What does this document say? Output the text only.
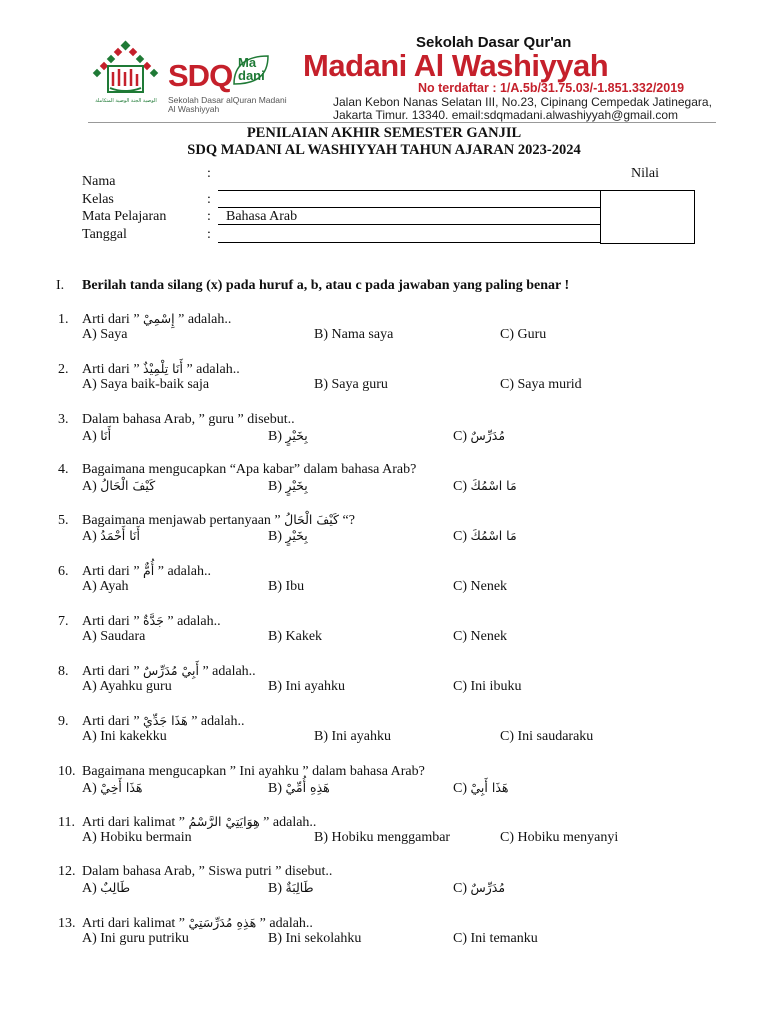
الوصية الجنة الوصية المتكاملة
SDQ Ma dani
Sekolah Dasar alQuran Madani
Al Washiyyah
Sekolah Dasar Qur'an
Madani Al Washiyyah
No terdaftar : 1/A.5b/31.75.03/-1.851.332/2019
Jalan Kebon Nanas Selatan III, No.23, Cipinang Cempedak Jatinegara,
Jakarta Timur. 13340. email:sdqmadani.alwashiyyah@gmail.com
PENILAIAN AKHIR SEMESTER GANJIL
SDQ MADANI AL WASHIYYAH TAHUN AJARAN 2023-2024
Nama
:
Kelas	:
Mata Pelajaran	: Bahasa Arab
Tanggal	:
Nilai
I. Berilah tanda silang (x) pada huruf a, b, atau c pada jawaban yang paling benar !
1. Arti dari ” إِسْمِيْ ” adalah..
A) Saya	B) Nama saya	C) Guru
2. Arti dari ” أَنَا تِلْمِيْذٌ ” adalah..
A) Saya baik-baik saja	B) Saya guru	C) Saya murid
3. Dalam bahasa Arab, ” guru ” disebut..
A) أَنَا	B) بِخَيْرٍ	C) مُدَرِّسٌ
4. Bagaimana mengucapkan “Apa kabar” dalam bahasa Arab?
A) كَيْفَ الْحَالُ	B) بِخَيْرٍ	C) مَا اسْمُكَ
5. Bagaimana menjawab pertanyaan ” كَيْفَ الْحَالُ “?
A) أَنَا أَحْمَدُ	B) بِخَيْرٍ	C) مَا اسْمُكَ
6. Arti dari ” أُمٌّ ” adalah..
A) Ayah	B) Ibu	C) Nenek
7. Arti dari ” جَدَّةٌ ” adalah..
A) Saudara	B) Kakek	C) Nenek
8. Arti dari ” أَبِيْ مُدَرِّسٌ ” adalah..
A) Ayahku guru	B) Ini ayahku	C) Ini ibuku
9. Arti dari ” هَذَا جَدِّيْ ” adalah..
A) Ini kakekku	B) Ini ayahku	C) Ini saudaraku
10. Bagaimana mengucapkan ” Ini ayahku ” dalam bahasa Arab?
A) هَذَا أَخِيْ	B) هَذِهِ أُمِّيْ	C) هَذَا أَبِيْ
11. Arti dari kalimat ” هِوَايَتِيْ الرَّسْمُ ” adalah..
A) Hobiku bermain	B) Hobiku menggambar	C) Hobiku menyanyi
12. Dalam bahasa Arab, ” Siswa putri ” disebut..
A) طَالِبٌ	B) طَالِبَةٌ	C) مُدَرِّسٌ
13. Arti dari kalimat ” هَذِهِ مُدَرِّسَتِيْ ” adalah..
A) Ini guru putriku	B) Ini sekolahku	C) Ini temanku
